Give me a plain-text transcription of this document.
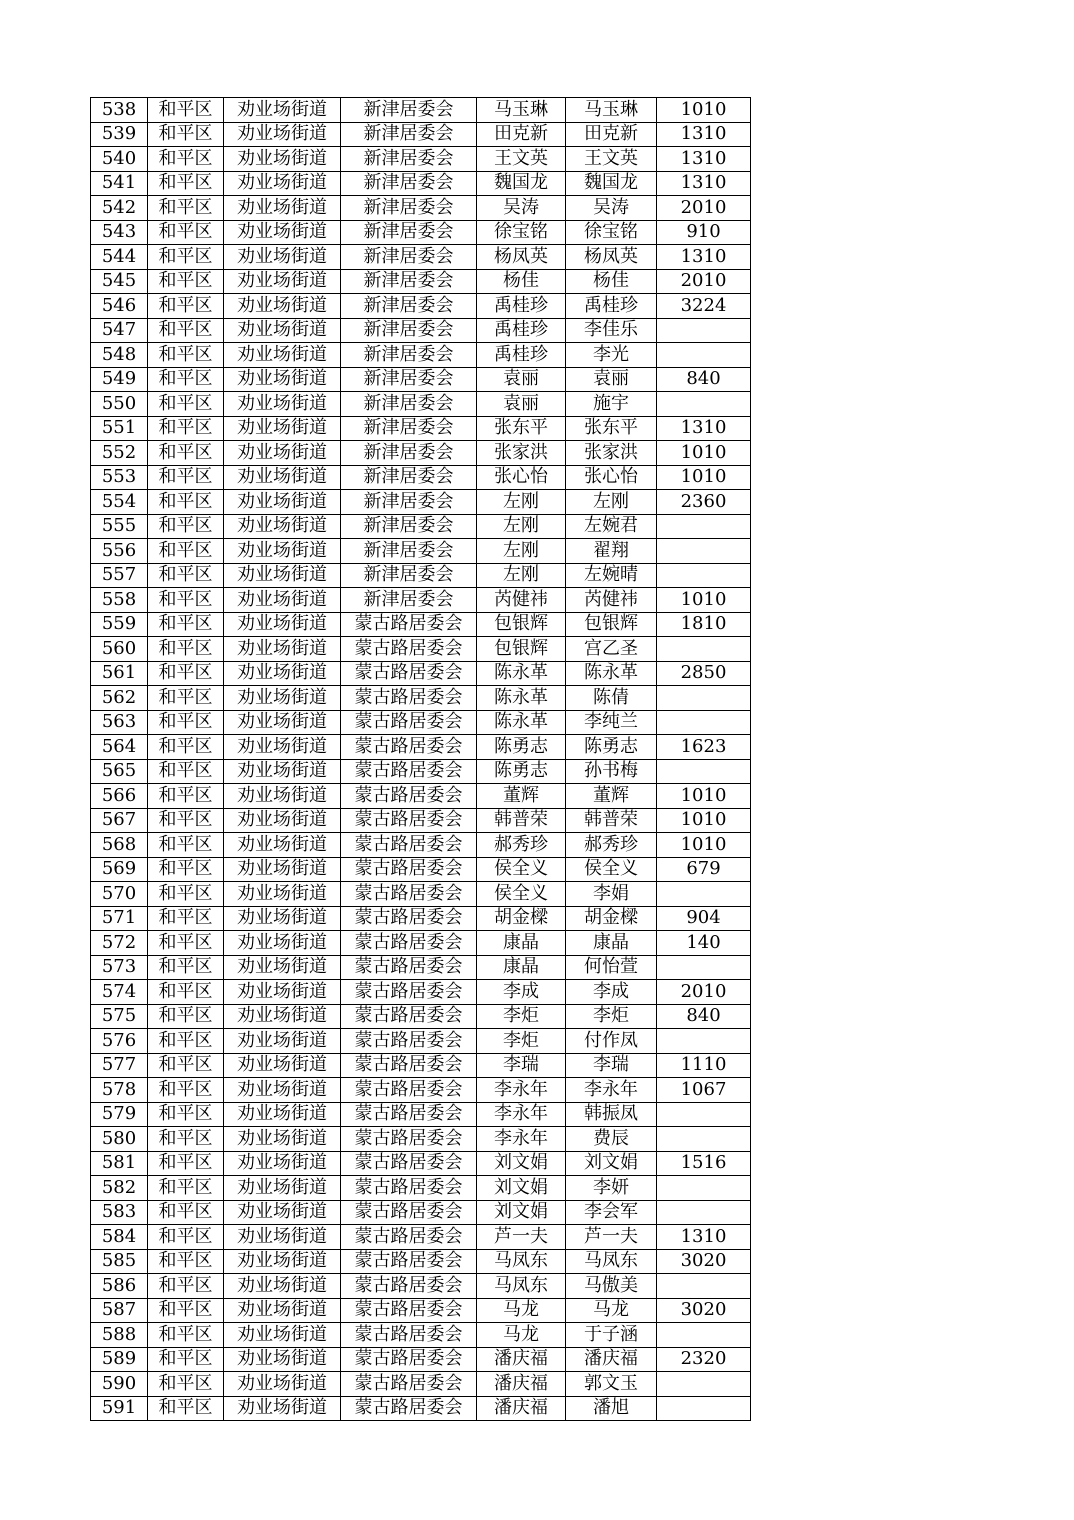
538	和平区	劝业场街道	新津居委会	马玉琳	马玉琳	1010
539	和平区	劝业场街道	新津居委会	田克新	田克新	1310
540	和平区	劝业场街道	新津居委会	王文英	王文英	1310
541	和平区	劝业场街道	新津居委会	魏国龙	魏国龙	1310
542	和平区	劝业场街道	新津居委会	吴涛	吴涛	2010
543	和平区	劝业场街道	新津居委会	徐宝铭	徐宝铭	910
544	和平区	劝业场街道	新津居委会	杨凤英	杨凤英	1310
545	和平区	劝业场街道	新津居委会	杨佳	杨佳	2010
546	和平区	劝业场街道	新津居委会	禹桂珍	禹桂珍	3224
547	和平区	劝业场街道	新津居委会	禹桂珍	李佳乐	
548	和平区	劝业场街道	新津居委会	禹桂珍	李光	
549	和平区	劝业场街道	新津居委会	袁丽	袁丽	840
550	和平区	劝业场街道	新津居委会	袁丽	施宇	
551	和平区	劝业场街道	新津居委会	张东平	张东平	1310
552	和平区	劝业场街道	新津居委会	张家洪	张家洪	1010
553	和平区	劝业场街道	新津居委会	张心怡	张心怡	1010
554	和平区	劝业场街道	新津居委会	左刚	左刚	2360
555	和平区	劝业场街道	新津居委会	左刚	左婉君	
556	和平区	劝业场街道	新津居委会	左刚	翟翔	
557	和平区	劝业场街道	新津居委会	左刚	左婉晴	
558	和平区	劝业场街道	新津居委会	芮健祎	芮健祎	1010
559	和平区	劝业场街道	蒙古路居委会	包银辉	包银辉	1810
560	和平区	劝业场街道	蒙古路居委会	包银辉	宫乙圣	
561	和平区	劝业场街道	蒙古路居委会	陈永革	陈永革	2850
562	和平区	劝业场街道	蒙古路居委会	陈永革	陈倩	
563	和平区	劝业场街道	蒙古路居委会	陈永革	李纯兰	
564	和平区	劝业场街道	蒙古路居委会	陈勇志	陈勇志	1623
565	和平区	劝业场街道	蒙古路居委会	陈勇志	孙书梅	
566	和平区	劝业场街道	蒙古路居委会	董辉	董辉	1010
567	和平区	劝业场街道	蒙古路居委会	韩普荣	韩普荣	1010
568	和平区	劝业场街道	蒙古路居委会	郝秀珍	郝秀珍	1010
569	和平区	劝业场街道	蒙古路居委会	侯全义	侯全义	679
570	和平区	劝业场街道	蒙古路居委会	侯全义	李娟	
571	和平区	劝业场街道	蒙古路居委会	胡金樑	胡金樑	904
572	和平区	劝业场街道	蒙古路居委会	康晶	康晶	140
573	和平区	劝业场街道	蒙古路居委会	康晶	何怡萱	
574	和平区	劝业场街道	蒙古路居委会	李成	李成	2010
575	和平区	劝业场街道	蒙古路居委会	李炬	李炬	840
576	和平区	劝业场街道	蒙古路居委会	李炬	付作凤	
577	和平区	劝业场街道	蒙古路居委会	李瑞	李瑞	1110
578	和平区	劝业场街道	蒙古路居委会	李永年	李永年	1067
579	和平区	劝业场街道	蒙古路居委会	李永年	韩振凤	
580	和平区	劝业场街道	蒙古路居委会	李永年	费辰	
581	和平区	劝业场街道	蒙古路居委会	刘文娟	刘文娟	1516
582	和平区	劝业场街道	蒙古路居委会	刘文娟	李妍	
583	和平区	劝业场街道	蒙古路居委会	刘文娟	李会军	
584	和平区	劝业场街道	蒙古路居委会	芦一夫	芦一夫	1310
585	和平区	劝业场街道	蒙古路居委会	马凤东	马凤东	3020
586	和平区	劝业场街道	蒙古路居委会	马凤东	马傲美	
587	和平区	劝业场街道	蒙古路居委会	马龙	马龙	3020
588	和平区	劝业场街道	蒙古路居委会	马龙	于子涵	
589	和平区	劝业场街道	蒙古路居委会	潘庆福	潘庆福	2320
590	和平区	劝业场街道	蒙古路居委会	潘庆福	郭文玉	
591	和平区	劝业场街道	蒙古路居委会	潘庆福	潘旭	
